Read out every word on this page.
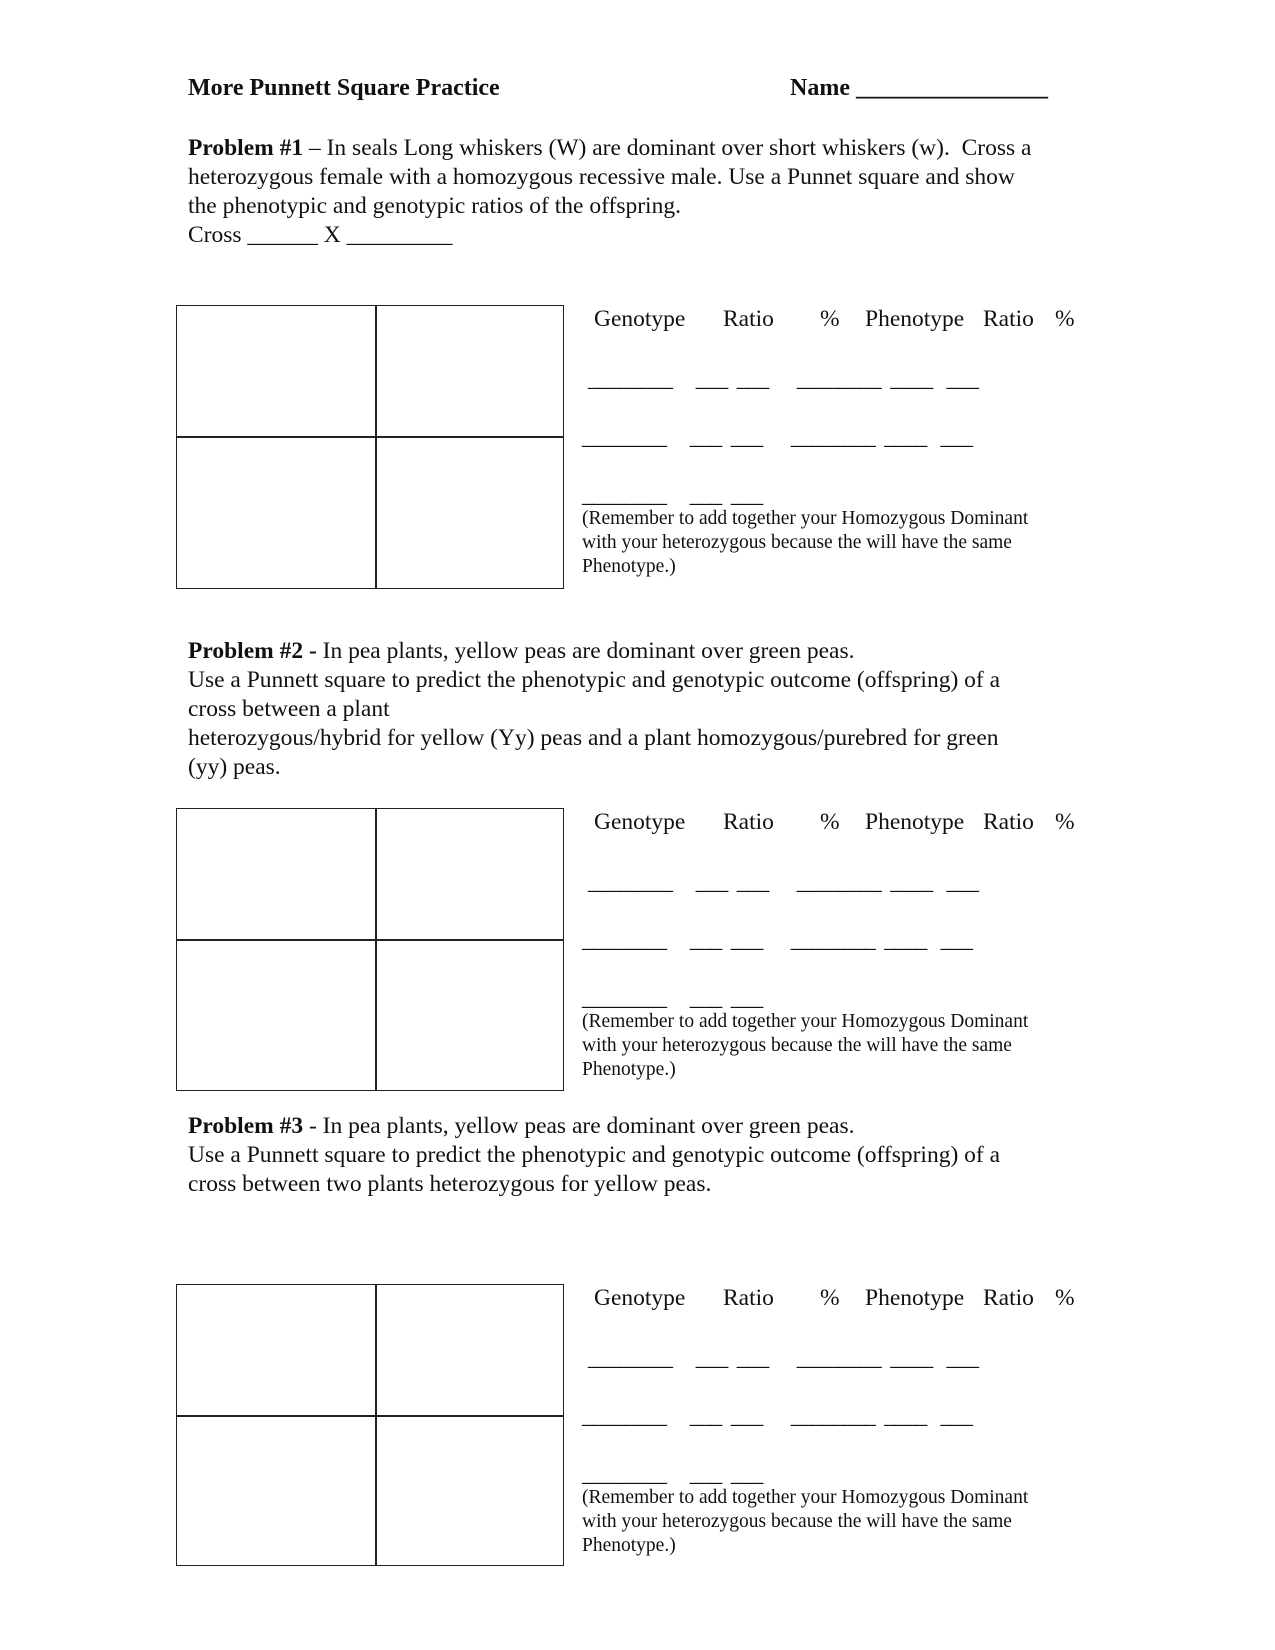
More Punnett Square Practice	Name ________________
Problem #1 – In seals Long whiskers (W) are dominant over short whiskers (w).  Cross a
heterozygous female with a homozygous recessive male. Use a Punnet square and show
the phenotypic and genotypic ratios of the offspring.
Cross ______ X _________
Genotype Ratio % Phenotype Ratio %
________     ___  ___      ________  ____   ___
________     ___  ___      ________  ____   ___
________     ___  ___
(Remember to add together your Homozygous Dominant
with your heterozygous because the will have the same
Phenotype.)
Problem #2 - In pea plants, yellow peas are dominant over green peas.
Use a Punnett square to predict the phenotypic and genotypic outcome (offspring) of a
cross between a plant
heterozygous/hybrid for yellow (Yy) peas and a plant homozygous/purebred for green
(yy) peas.
Genotype Ratio % Phenotype Ratio %
________     ___  ___      ________  ____   ___
________     ___  ___      ________  ____   ___
________     ___  ___
(Remember to add together your Homozygous Dominant
with your heterozygous because the will have the same
Phenotype.)
Problem #3 - In pea plants, yellow peas are dominant over green peas.
Use a Punnett square to predict the phenotypic and genotypic outcome (offspring) of a
cross between two plants heterozygous for yellow peas.
Genotype Ratio % Phenotype Ratio %
________     ___  ___      ________  ____   ___
________     ___  ___      ________  ____   ___
________     ___  ___
(Remember to add together your Homozygous Dominant
with your heterozygous because the will have the same
Phenotype.)
